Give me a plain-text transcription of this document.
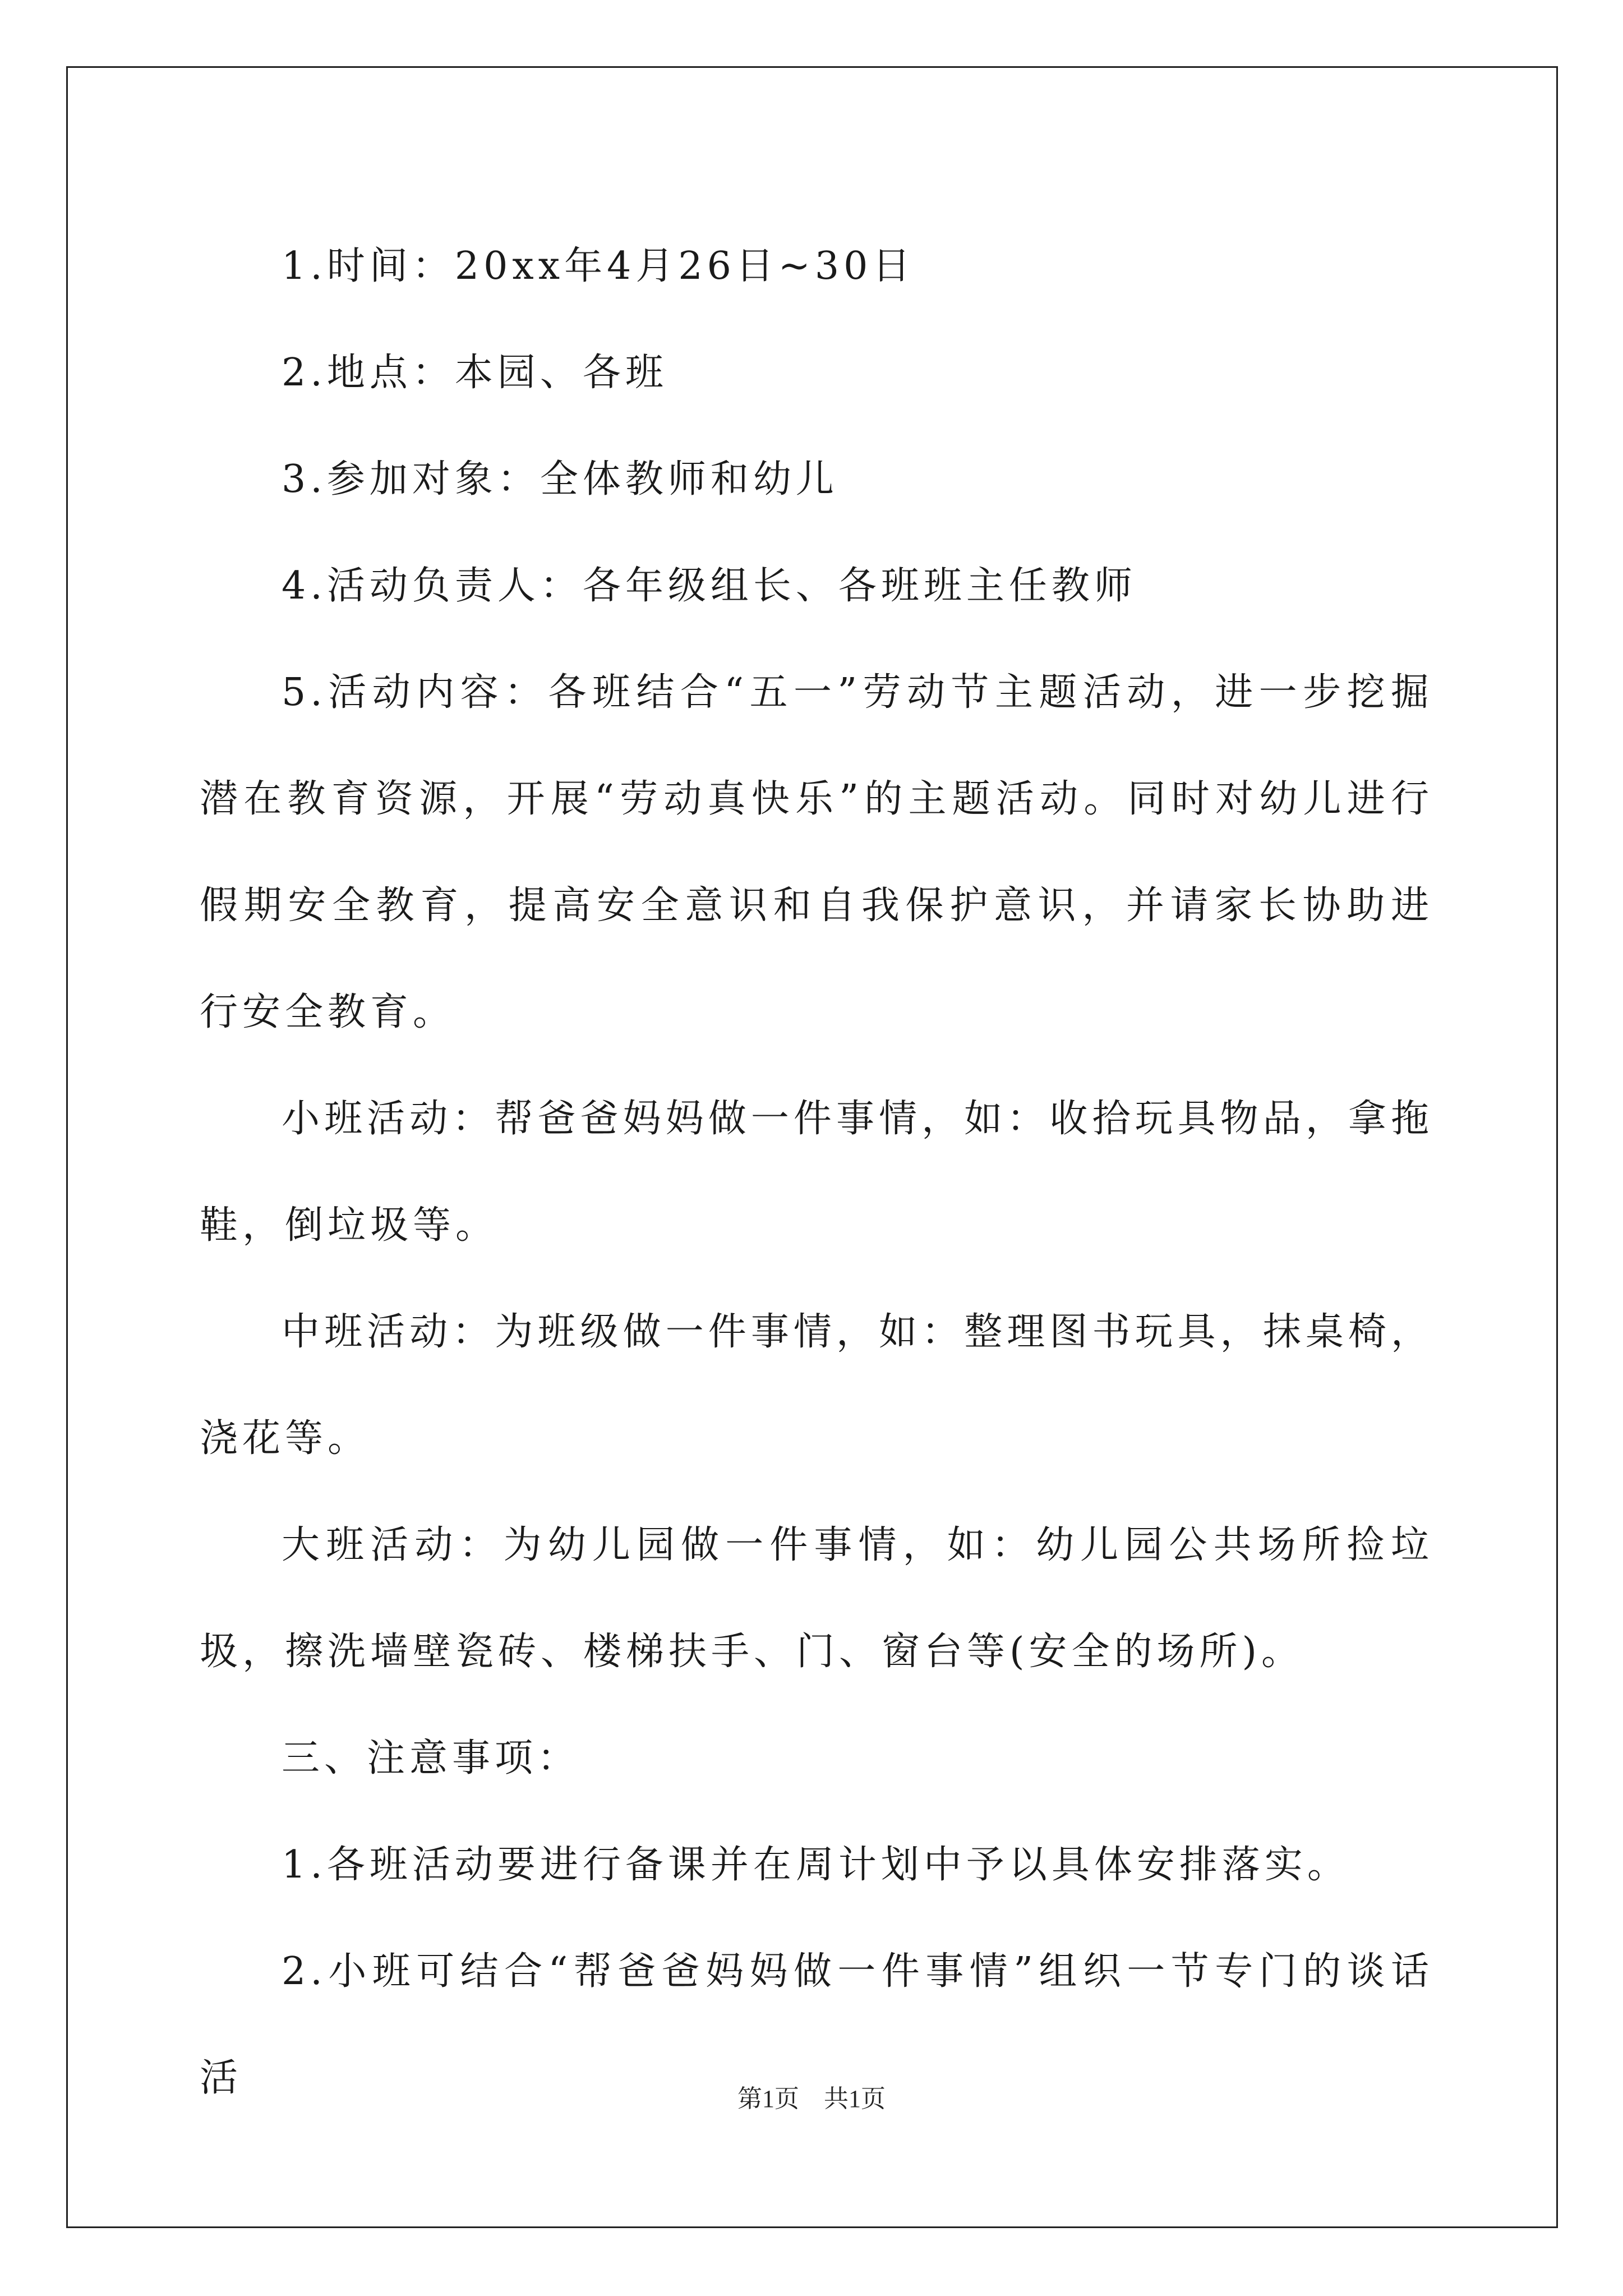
1.时间：20xx年4月26日~30日

2.地点：本园、各班

3.参加对象：全体教师和幼儿

4.活动负责人：各年级组长、各班班主任教师

5.活动内容：各班结合“五一”劳动节主题活动，进一步挖掘潜在教育资源，开展“劳动真快乐”的主题活动。同时对幼儿进行假期安全教育，提高安全意识和自我保护意识，并请家长协助进行安全教育。

小班活动：帮爸爸妈妈做一件事情，如：收拾玩具物品，拿拖鞋，倒垃圾等。

中班活动：为班级做一件事情，如：整理图书玩具，抹桌椅，浇花等。

大班活动：为幼儿园做一件事情，如：幼儿园公共场所捡垃圾，擦洗墙壁瓷砖、楼梯扶手、门、窗台等(安全的场所)。

三、注意事项：

1.各班活动要进行备课并在周计划中予以具体安排落实。

2.小班可结合“帮爸爸妈妈做一件事情”组织一节专门的谈话活	第1页　共1页
